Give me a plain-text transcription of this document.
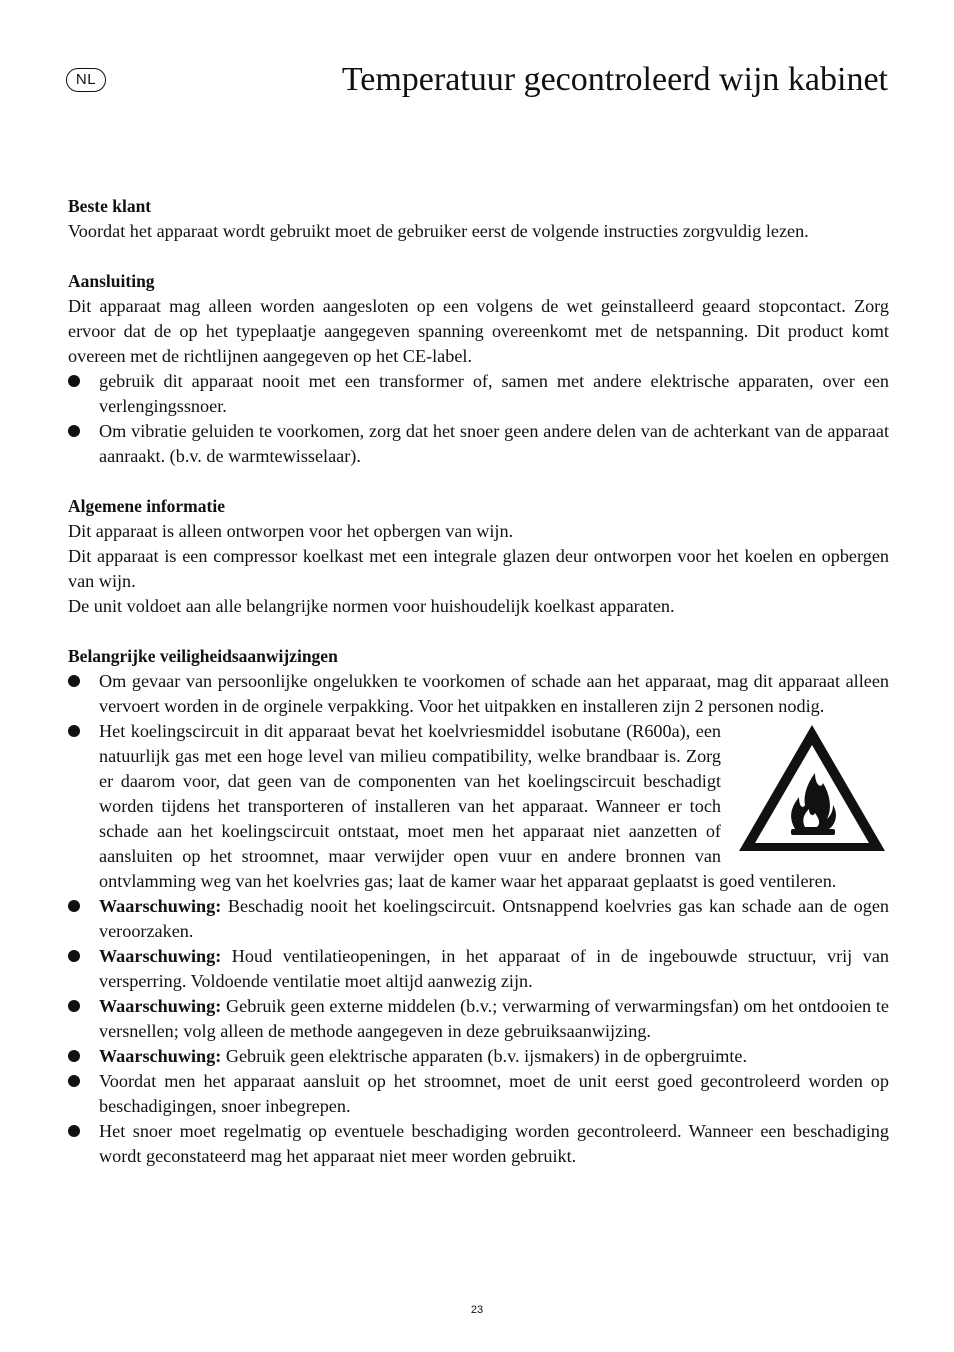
NL	Temperatuur gecontroleerd wijn kabinet
Beste klant
Voordat het apparaat wordt gebruikt moet de gebruiker eerst de volgende instructies zorgvuldig lezen.
Aansluiting
Dit apparaat mag alleen worden aangesloten op een volgens de wet geinstalleerd geaard stopcontact. Zorg ervoor dat de op het typeplaatje aangegeven spanning overeenkomt met de netspanning. Dit product komt overeen met de richtlijnen aangegeven op het CE-label.
gebruik dit apparaat nooit met een transformer of, samen met andere elektrische apparaten, over een verlengingssnoer.
Om vibratie geluiden te voorkomen, zorg dat het snoer geen andere delen van de achterkant van de apparaat aanraakt. (b.v. de warmtewisselaar).
Algemene informatie
Dit apparaat is alleen ontworpen voor het opbergen van wijn.
Dit apparaat is een compressor koelkast met een integrale glazen deur ontworpen voor het koelen en opbergen van wijn.
De unit voldoet aan alle belangrijke normen voor huishoudelijk koelkast apparaten.
Belangrijke veiligheidsaanwijzingen
Om gevaar van persoonlijke ongelukken te voorkomen of schade aan het apparaat, mag dit apparaat alleen vervoert worden in de orginele verpakking. Voor het uitpakken en installeren zijn 2 personen nodig.
Het koelingscircuit in dit apparaat bevat het koelvriesmiddel isobutane (R600a), een natuurlijk gas met een hoge level van milieu compatibility, welke brandbaar is. Zorg er daarom voor, dat geen van de componenten van het koelingscircuit beschadigt worden tijdens het transporteren of installeren van het apparaat. Wanneer er toch schade aan het koelingscircuit ontstaat, moet men het apparaat niet aanzetten of aansluiten op het stroomnet, maar verwijder open vuur en andere bronnen van ontvlamming weg van het koelvries gas; laat de kamer waar het apparaat geplaatst is goed ventileren.
Waarschuwing: Beschadig nooit het koelingscircuit. Ontsnappend koelvries gas kan schade aan de ogen veroorzaken.
Waarschuwing: Houd ventilatieopeningen, in het apparaat of in de ingebouwde structuur, vrij van versperring. Voldoende ventilatie moet altijd aanwezig zijn.
Waarschuwing: Gebruik geen externe middelen (b.v.; verwarming of verwarmingsfan) om het ontdooien te versnellen; volg alleen de methode aangegeven in deze gebruiksaanwijzing.
Waarschuwing: Gebruik geen elektrische apparaten (b.v. ijsmakers) in de opbergruimte.
Voordat men het apparaat aansluit op het stroomnet, moet de unit eerst goed gecontroleerd worden op beschadigingen, snoer inbegrepen.
Het snoer moet regelmatig op eventuele beschadiging worden gecontroleerd. Wanneer een beschadiging wordt geconstateerd mag het apparaat niet meer worden gebruikt.
23
